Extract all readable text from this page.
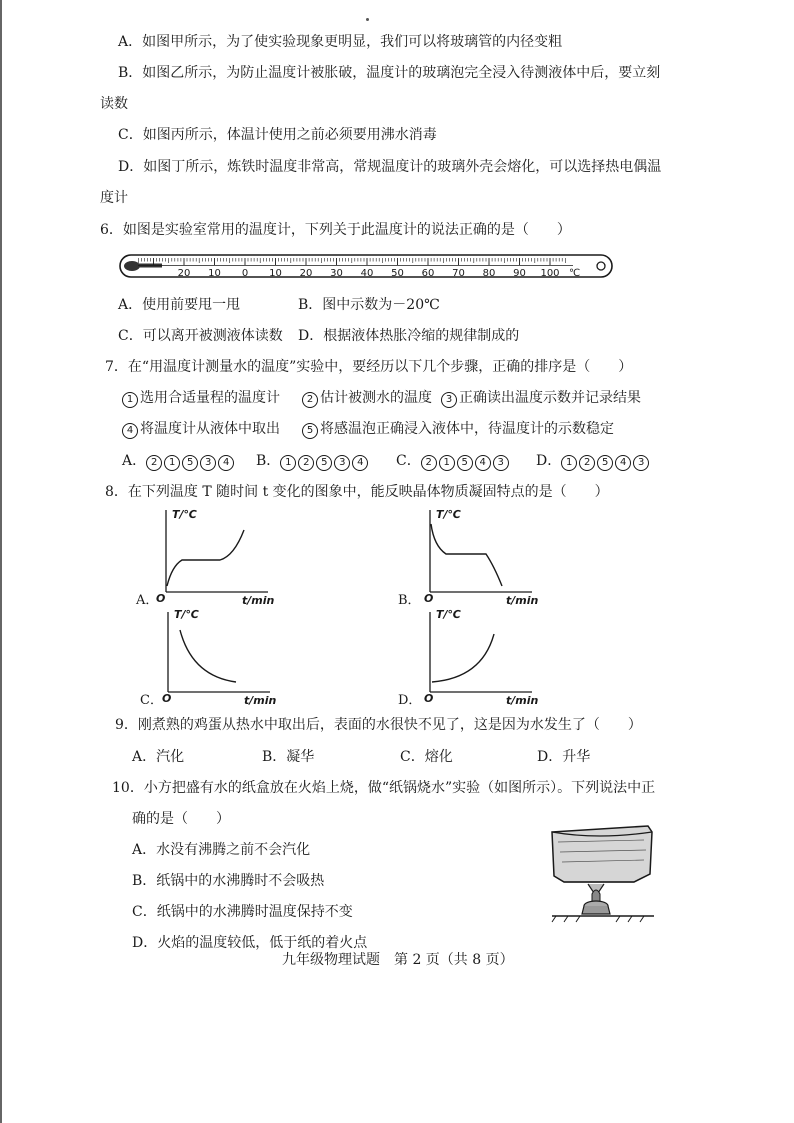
A．如图甲所示，为了使实验现象更明显，我们可以将玻璃管的内径变粗
B．如图乙所示，为防止温度计被胀破，温度计的玻璃泡完全浸入待测液体中后，要立刻
读数
C．如图丙所示，体温计使用之前必须要用沸水消毒
D．如图丁所示，炼铁时温度非常高，常规温度计的玻璃外壳会熔化，可以选择热电偶温
度计
6．如图是实验室常用的温度计，下列关于此温度计的说法正确的是（　　）
20 10 0 10 20 30 40 50 60 70 80 90 100 ℃
A．使用前要甩一甩	B．图中示数为－20℃
C．可以离开被测液体读数 D．根据液体热胀冷缩的规律制成的
7．在“用温度计测量水的温度”实验中，要经历以下几个步骤，正确的排序是（　　）
1 选用合适量程的温度计	2 估计被测水的温度	3 正确读出温度示数并记录结果
4 将温度计从液体中取出	5 将感温泡正确浸入液体中，待温度计的示数稳定
A． 2 1 5 3 4	B． 1 2 5 3 4	C． 2 1 5 4 3	D． 1 2 5 4 3
8．在下列温度 T 随时间 t 变化的图象中，能反映晶体物质凝固特点的是（　　）
A．
O
T/℃
t/min	B． O
T/℃
t/min
C． O
T/℃
t/min	D． O
T/℃
t/min
9．刚煮熟的鸡蛋从热水中取出后，表面的水很快不见了，这是因为水发生了（　　）
A．汽化	B．凝华	C．熔化	D．升华
10．小方把盛有水的纸盒放在火焰上烧，做“纸锅烧水”实验（如图所示）。下列说法中正
确的是（　　）
A．水没有沸腾之前不会汽化
B．纸锅中的水沸腾时不会吸热
C．纸锅中的水沸腾时温度保持不变
D．火焰的温度较低，低于纸的着火点
九年级物理试题　第 2 页（共 8 页）
